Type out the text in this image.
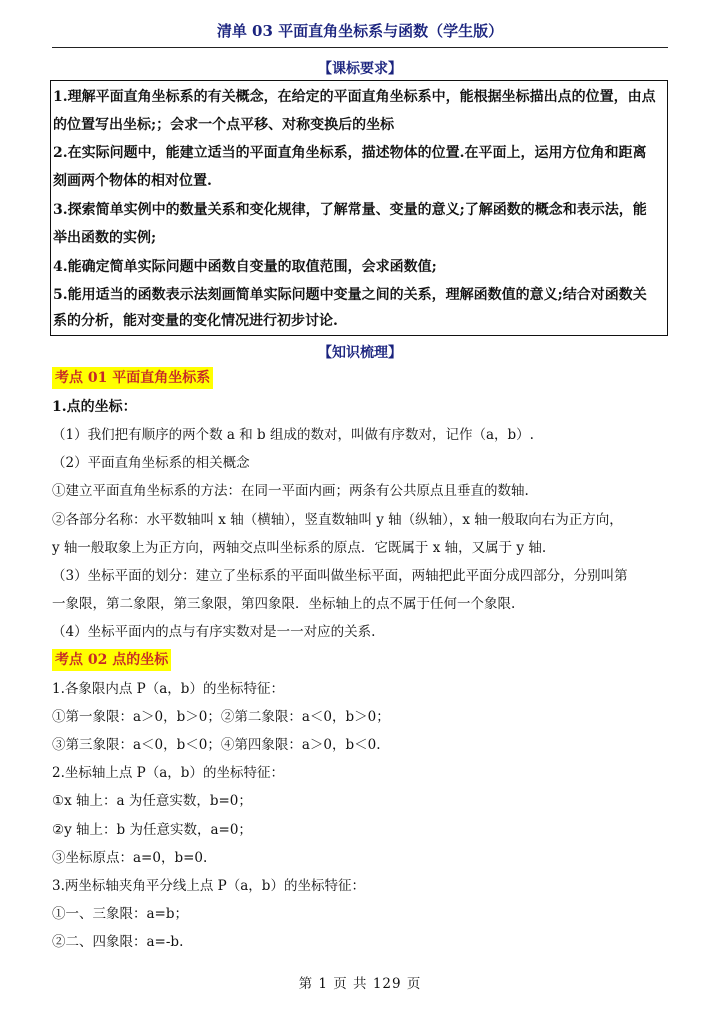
清单 03 平面直角坐标系与函数（学生版）
【课标要求】
1.理解平面直角坐标系的有关概念，在给定的平面直角坐标系中，能根据坐标描出点的位置，由点
的位置写出坐标;；会求一个点平移、对称变换后的坐标
2.在实际问题中，能建立适当的平面直角坐标系，描述物体的位置.在平面上，运用方位角和距离
刻画两个物体的相对位置.
3.探索简单实例中的数量关系和变化规律，了解常量、变量的意义;了解函数的概念和表示法，能
举出函数的实例;
4.能确定简单实际问题中函数自变量的取值范围，会求函数值;
5.能用适当的函数表示法刻画简单实际问题中变量之间的关系，理解函数值的意义;结合对函数关
系的分析，能对变量的变化情况进行初步讨论.
【知识梳理】
考点 01 平面直角坐标系
1.点的坐标：
（1）我们把有顺序的两个数 a 和 b 组成的数对，叫做有序数对，记作（a，b）.
（2）平面直角坐标系的相关概念
①建立平面直角坐标系的方法：在同一平面内画；两条有公共原点且垂直的数轴.
②各部分名称：水平数轴叫 x 轴（横轴），竖直数轴叫 y 轴（纵轴），x 轴一般取向右为正方向，
y 轴一般取象上为正方向，两轴交点叫坐标系的原点．它既属于 x 轴，又属于 y 轴.
（3）坐标平面的划分：建立了坐标系的平面叫做坐标平面，两轴把此平面分成四部分，分别叫第
一象限，第二象限，第三象限，第四象限．坐标轴上的点不属于任何一个象限.
（4）坐标平面内的点与有序实数对是一一对应的关系.
考点 02 点的坐标
1.各象限内点 P（a，b）的坐标特征：
①第一象限：a＞0，b＞0；②第二象限：a＜0，b＞0；
③第三象限：a＜0，b＜0；④第四象限：a＞0，b＜0.
2.坐标轴上点 P（a，b）的坐标特征：
①x 轴上：a 为任意实数，b=0；
②y 轴上：b 为任意实数，a=0；
③坐标原点：a=0，b=0.
3.两坐标轴夹角平分线上点 P（a，b）的坐标特征：
①一、三象限：a=b；
②二、四象限：a=-b.
第 1 页 共 129 页
